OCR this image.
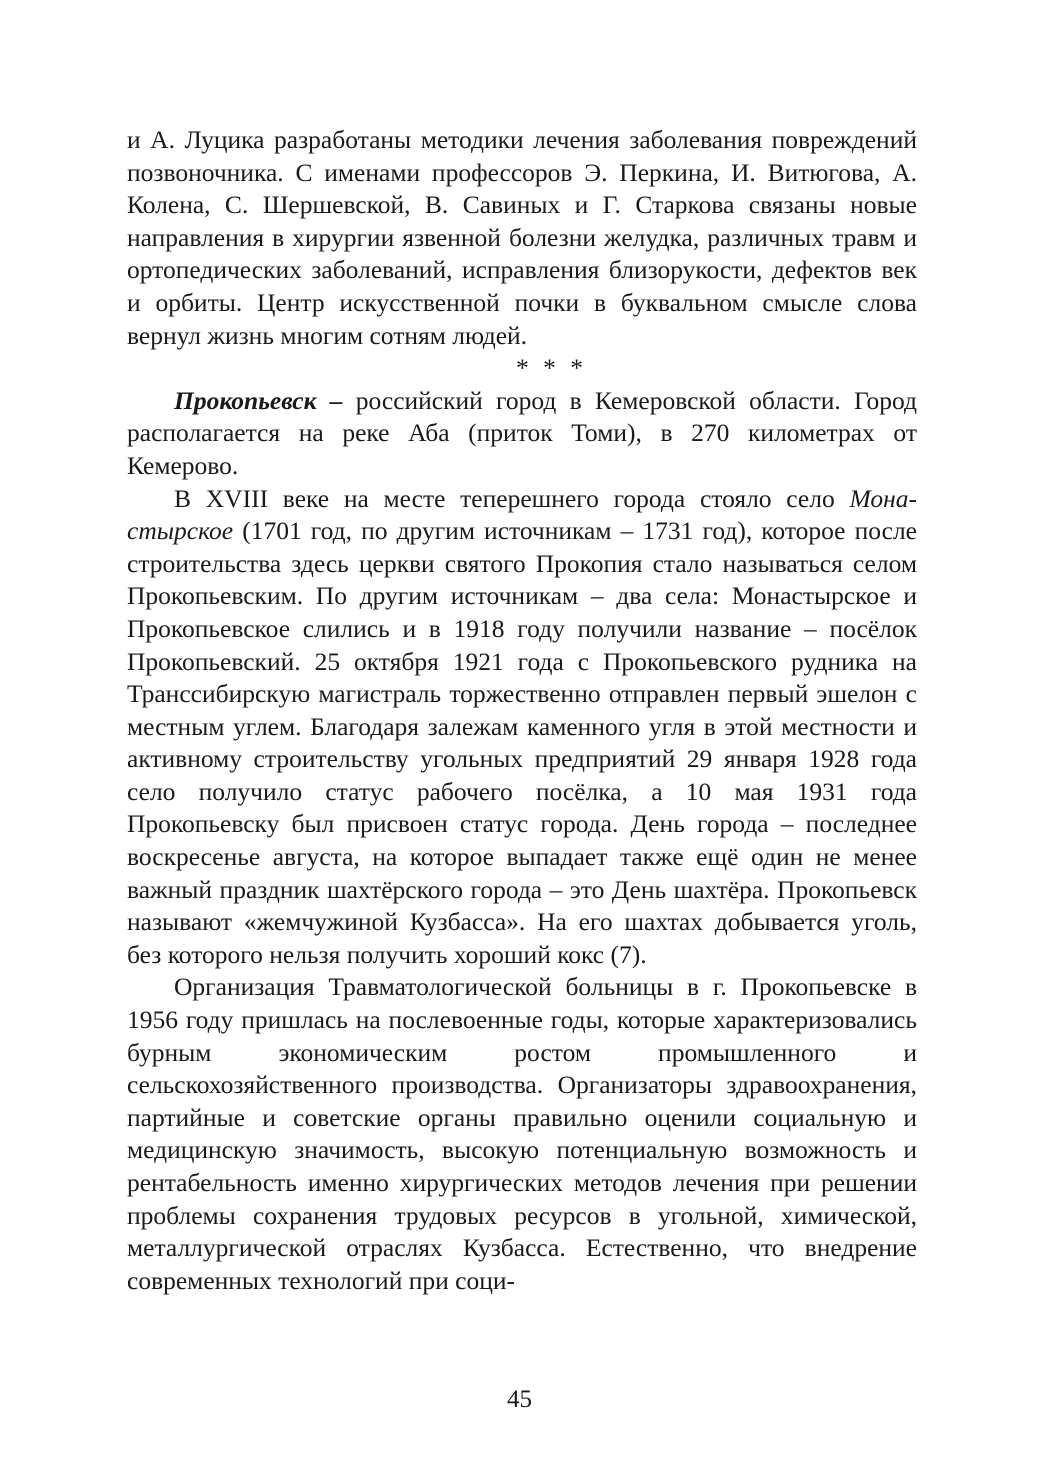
и А. Луцика разработаны методики лечения заболевания повреждений позвоночника. С именами профессоров Э. Перкина, И. Витюгова, А. Колена, С. Шершевской, В. Савиных и Г. Старкова связаны новые направления в хирургии язвенной болезни желудка, различных травм и ортопедических заболеваний, исправления близорукости, дефектов век и орбиты. Центр искусственной почки в буквальном смысле слова вернул жизнь многим сотням людей.

* * *

Прокопьевск – российский город в Кемеровской области. Город располагается на реке Аба (приток Томи), в 270 километрах от Кемерово.

В XVIII веке на месте теперешнего города стояло село Монастырское (1701 год, по другим источникам – 1731 год), которое после строительства здесь церкви святого Прокопия стало называться селом Прокопьевским. По другим источникам – два села: Монастырское и Прокопьевское слились и в 1918 году получили название – посёлок Прокопьевский. 25 октября 1921 года с Прокопьевского рудника на Транссибирскую магистраль торжественно отправлен первый эшелон с местным углем. Благодаря залежам каменного угля в этой местности и активному строительству угольных предприятий 29 января 1928 года село получило статус рабочего посёлка, а 10 мая 1931 года Прокопьевску был присвоен статус города. День города – последнее воскресенье августа, на которое выпадает также ещё один не менее важный праздник шахтёрского города – это День шахтёра. Прокопьевск называют «жемчужиной Кузбасса». На его шахтах добывается уголь, без которого нельзя получить хороший кокс (7).

Организация Травматологической больницы в г. Прокопьевске в 1956 году пришлась на послевоенные годы, которые характеризовались бурным экономическим ростом промышленного и сельскохозяйственного производства. Организаторы здравоохранения, партийные и советские органы правильно оценили социальную и медицинскую значимость, высокую потенциальную возможность и рентабельность именно хирургических методов лечения при решении проблемы сохранения трудовых ресурсов в угольной, химической, металлургической отраслях Кузбасса. Естественно, что внедрение современных технологий при соци-

45
